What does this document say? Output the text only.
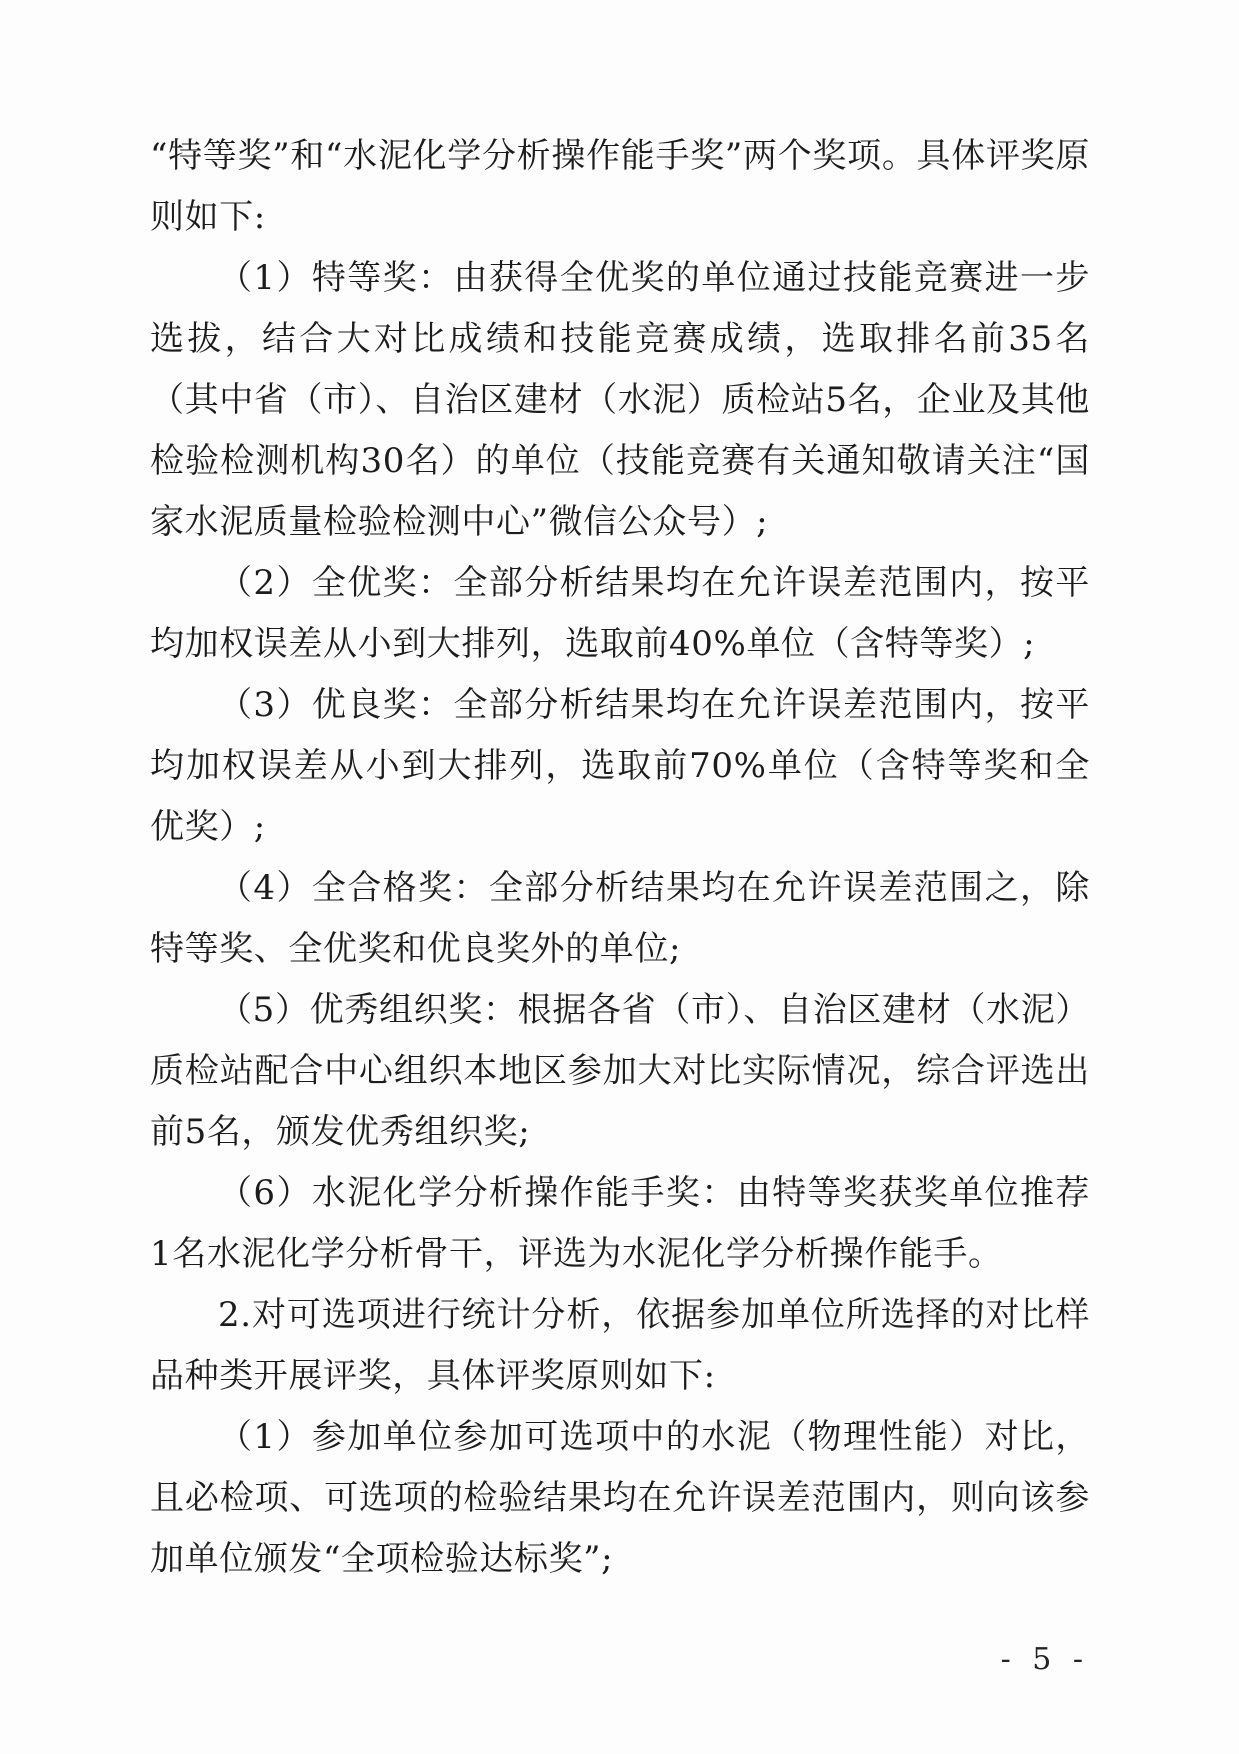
“特等奖”和“水泥化学分析操作能手奖”两个奖项。具体评奖原则如下:

（1）特等奖：由获得全优奖的单位通过技能竞赛进一步选拔，结合大对比成绩和技能竞赛成绩，选取排名前35名（其中省（市）、自治区建材（水泥）质检站5名，企业及其他检验检测机构30名）的单位（技能竞赛有关通知敬请关注“国家水泥质量检验检测中心”微信公众号）;

（2）全优奖：全部分析结果均在允许误差范围内，按平均加权误差从小到大排列，选取前40%单位（含特等奖）;

（3）优良奖：全部分析结果均在允许误差范围内，按平均加权误差从小到大排列，选取前70%单位（含特等奖和全优奖）;

（4）全合格奖：全部分析结果均在允许误差范围之，除特等奖、全优奖和优良奖外的单位;

（5）优秀组织奖：根据各省（市）、自治区建材（水泥）质检站配合中心组织本地区参加大对比实际情况，综合评选出前5名，颁发优秀组织奖;

（6）水泥化学分析操作能手奖：由特等奖获奖单位推荐1名水泥化学分析骨干，评选为水泥化学分析操作能手。

2.对可选项进行统计分析，依据参加单位所选择的对比样品种类开展评奖，具体评奖原则如下:

（1）参加单位参加可选项中的水泥（物理性能）对比，且必检项、可选项的检验结果均在允许误差范围内，则向该参加单位颁发“全项检验达标奖”;

- 5 -
